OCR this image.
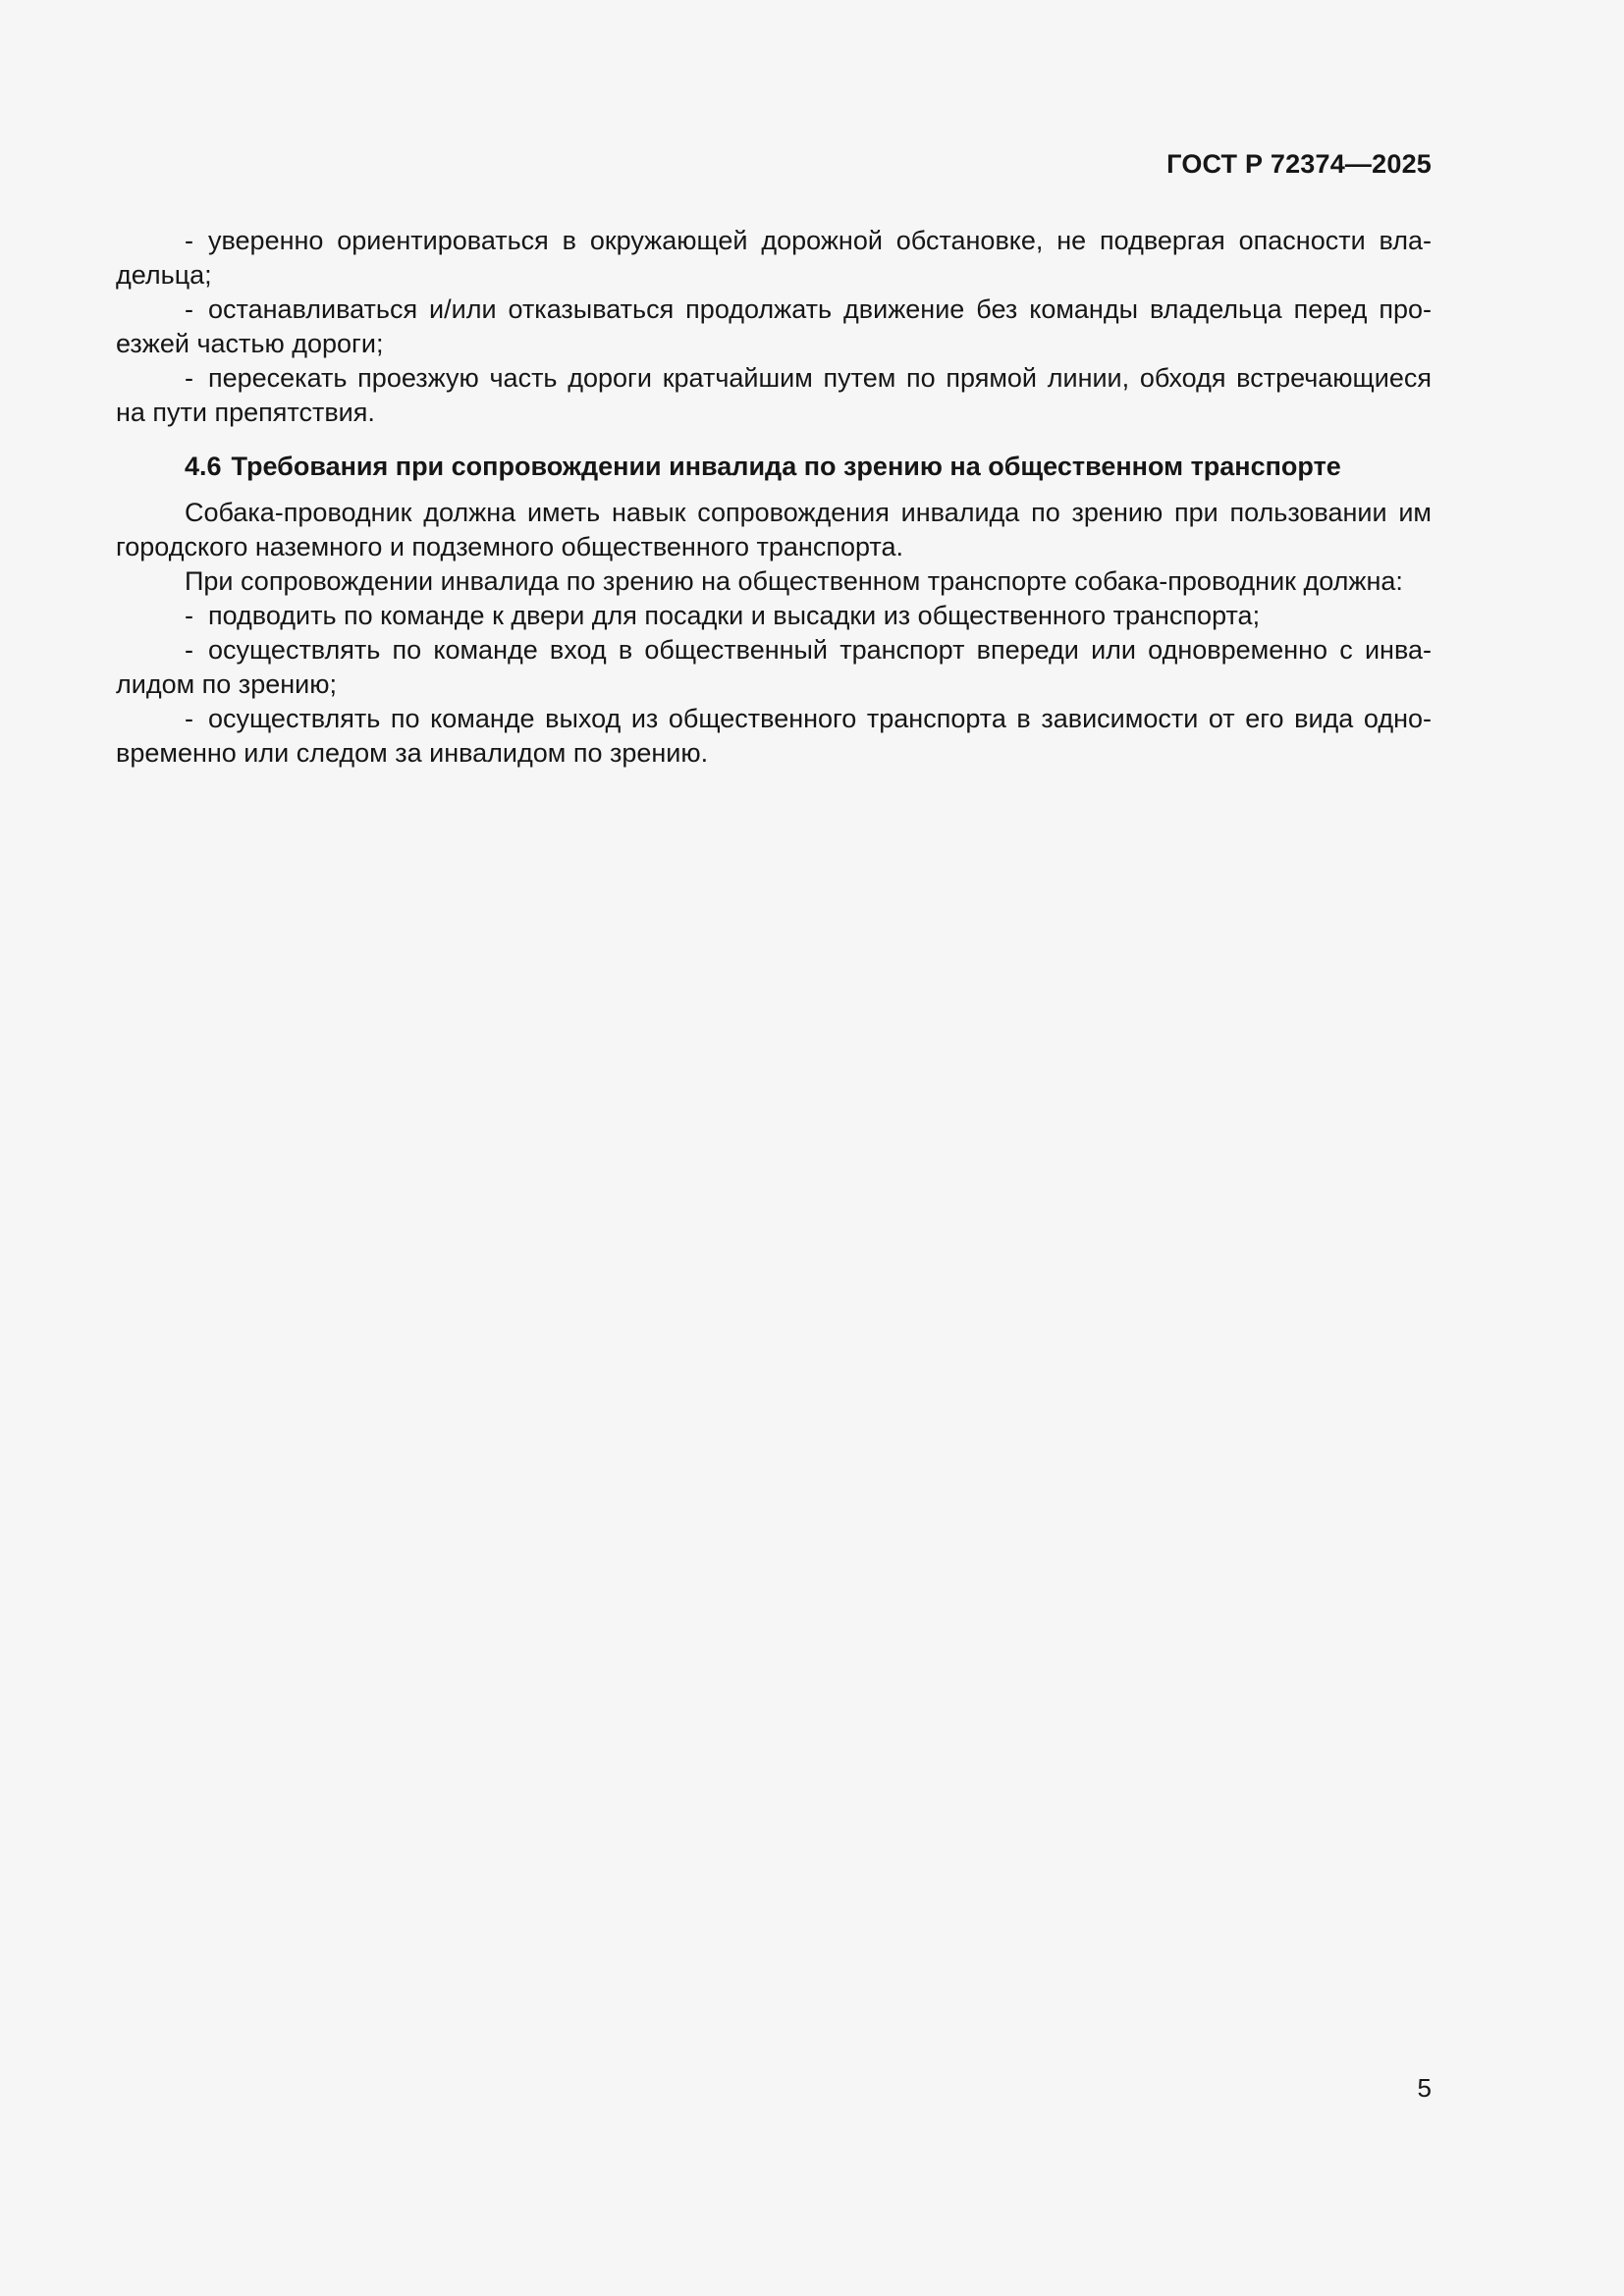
ГОСТ Р 72374—2025

- уверенно ориентироваться в окружающей дорожной обстановке, не подвергая опасности вла-дельца;

- останавливаться и/или отказываться продолжать движение без команды владельца перед про-езжей частью дороги;

- пересекать проезжую часть дороги кратчайшим путем по прямой линии, обходя встречающиеся на пути препятствия.

4.6 Требования при сопровождении инвалида по зрению на общественном транспорте

Собака-проводник должна иметь навык сопровождения инвалида по зрению при пользовании им городского наземного и подземного общественного транспорта.

При сопровождении инвалида по зрению на общественном транспорте собака-проводник должна:

- подводить по команде к двери для посадки и высадки из общественного транспорта;

- осуществлять по команде вход в общественный транспорт впереди или одновременно с инва-лидом по зрению;

- осуществлять по команде выход из общественного транспорта в зависимости от его вида одно-временно или следом за инвалидом по зрению.

5
